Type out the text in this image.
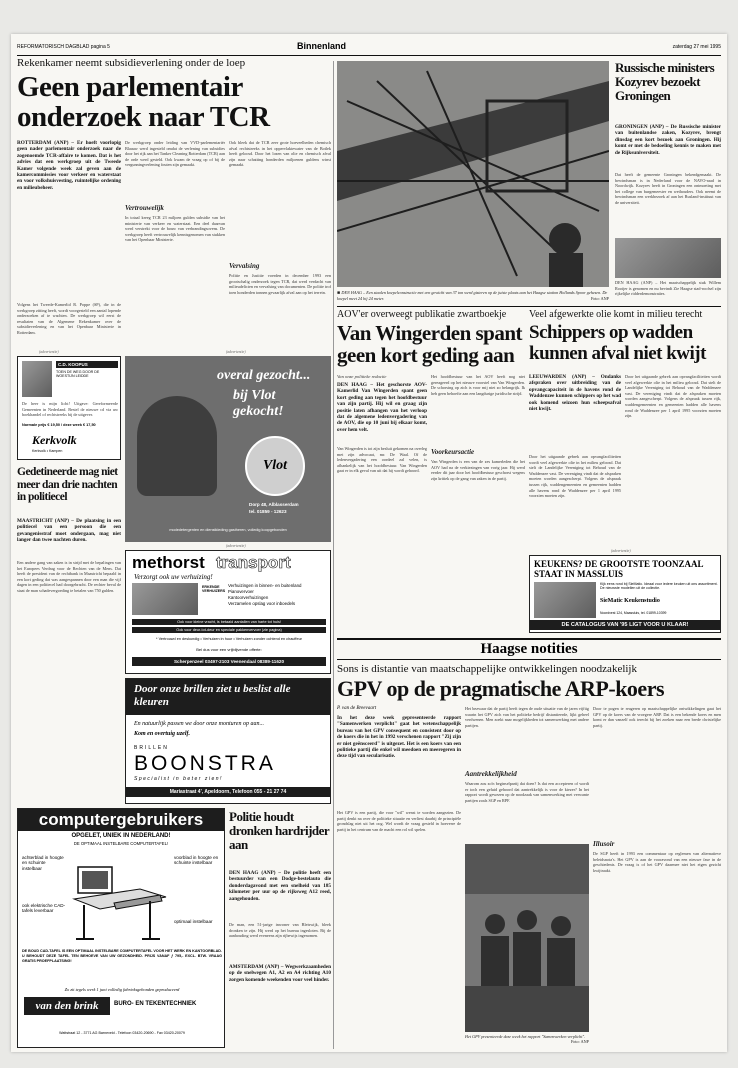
REFORMATORISCH DAGBLAD pagina 5	Binnenland	zaterdag 27 mei 1995
Rekenkamer neemt subsidieverlening onder de loep
Geen parlementair onderzoek naar TCR
ROTTERDAM (ANP) – Er hoeft voorlopig geen nader parlementair onderzoek naar de zogenoemde TCR-affaire te komen. Dat is het advies dat een werkgroep uit de Tweede Kamer volgende week zal geven aan de kamercommissies voor verkeer en waterstaat en voor volkshuisvesting, ruimtelijke ordening en milieubeheer.
Volgens het Tweede-Kamerlid R. Poppe (SP), die in de werkgroep zitting heeft, wordt voorgesteld een aantal lopende onderzoeken af te wachten. De werkgroep wil eerst de resultaten van de Algemene Rekenkamer over de subsidieverlening en van het Openbaar Ministerie in Rotterdam.
De werkgroep onder leiding van VVD-parlementariër Blaauw werd ingesteld omdat de verlening van subsidies door het rijk aan het Tanker Cleaning Rotterdam (TCR) aan de orde werd gesteld. Ook kwam de vraag op of bij de vergunningverlening fouten zijn gemaakt.
Vertrouwelijk
In totaal kreeg TCR 23 miljoen gulden subsidie van het ministerie van verkeer en waterstaat. Een deel daarvan werd verstrekt voor de bouw van verbrandingsovens. De werkgroep heeft vertrouwelijk kennisgenomen van stukken van het Openbaar Ministerie.
Ook bleek dat de TCR zeer grote hoeveelheden chemisch afval rechtstreeks in het oppervlaktewater van de Botlek heeft geloosd. Door het lozen van olie en chemisch afval zijn naar schatting honderden miljoenen guldens winst gemaakt.
Vervalsing
Politie en Justitie voerden in december 1993 een grootschalig onderzoek tegen TCR, dat werd verdacht van milieudelicten en vervalsing van documenten. De politie trof toen honderden tonnen gevaarlijk afval aan op het terrein.	■ DEN HAAG – Een staalen koepelconstructie met een gewicht van 37 ton werd gisteren op de juiste plaats aan het Haagse station Hollands Spoor gehesen. De koepel meet 24 bij 24 meter.	Foto: ANP
Russische ministers Kozyrev bezoekt Groningen
GRONINGEN (ANP) – De Russische minister van buitenlandse zaken, Kozyrev, brengt dinsdag een kort bezoek aan Groningen. Hij komt er met de bedoeling kennis te maken met de Rijksuniversiteit.
Dat heeft de gemeente Groningen bekendgemaakt. De bewindsman is in Nederland voor de NAVO-raad in Noordwijk. Kozyrev heeft in Groningen een ontmoeting met het college van burgemeester en wethouders. Ook neemt de bewindsman een werkbezoek af aan het Rusland-instituut van de universiteit.
DEN HAAG (ANP) – Het maatschappelijk stuk Willem Rooijer is genomen en nu bevindt Zie Haagse stad-roofsel zijn rijkelijke ridderdemonstraties.
AOV'er overweegt publikatie zwartboekje
Van Wingerden spant geen kort geding aan
Van onze politieke redactie
DEN HAAG – Het geschorste AOV-Kamerlid Van Wingerden spant geen kort geding aan tegen het hoofdbestuur van zijn partij. Hij wil en graag zijn positie laten afhangen van het verloop dat de algemene ledenvergadering van de AOV, die op 10 juni bij elkaar komt, over hem velt.
Van Wingerden is tot zijn besluit gekomen na overleg met zijn advocaat, mr. De Waal. Of de ledenvergadering een oordeel zal velen, is afhankelijk van het hoofdbestuur. Van Wingerden gaat er in elk geval van uit dat hij wordt gehoord.
Het hoofdbestuur van het AOV heeft nog niet gereageerd op het nieuwe voorstel van Van Wingerden. De schorsing op zich is voor mij niet zo belangrijk. Ik heb geen behoefte aan een langdurige juridische strijd.
Voorkeursactie
Van Wingerden is een van de zes kamerleden die het AOV had na de verkiezingen van vorig jaar. Hij werd eerder dit jaar door het hoofdbestuur geschorst wegens zijn kritiek op de gang van zaken in de partij.
Veel afgewerkte olie komt in milieu terecht
Schippers op wadden kunnen afval niet kwijt
LEEUWARDEN (ANP) – Ondanks afspraken over uitbreiding van de opvangcapaciteit in de havens rond de Waddenzee kunnen schippers op het wad ook komend seizoen hun scheepsafval niet kwijt.
Door het uitgaande gebrek aan opvangfaciliteiten wordt veel afgewerkte olie in het milieu geloosd. Dat stelt de Landelijke Vereniging tot Behoud van de Waddenzee vast. De vereniging vindt dat de afspraken moeten worden aangescherpt. Volgens de afspraak tussen rijk, waddengemeenten en gemeenten hadden alle havens rond de Waddenzee per 1 april 1995 voorzien moeten zijn.
Door het uitgaande gebrek aan opvangfaciliteiten wordt veel afgewerkte olie in het milieu geloosd. Dat stelt de Landelijke Vereniging tot Behoud van de Waddenzee vast. De vereniging vindt dat de afspraken moeten worden aangescherpt. Volgens de afspraak tussen rijk, waddengemeenten en gemeenten hadden alle havens rond de Waddenzee per 1 april 1995 voorzien moeten zijn.
(advertentie)
C.D. KOOPUS
TOEN DE WEG DOOR DE WOESTIJN LEIDDE
De heer is mijn licht! Uitgave: Gereformeerde Gemeenten in Nederland. Bestel de nieuwe cd via uw boekhandel of rechtstreeks bij de uitgever.
Normale prijs € 19,50 / deze week € 17,50
Kerkvolk
Kerkvolk • Kampen
(advertentie)
overal gezocht...
bij Vlot gekocht!
Vlot
Dorp 48, Alblasserdam
tel. 01859 - 12623
modedetergenten en dienstkleding gastheren, volledig koopgebonden
Gedetineerde mag niet meer dan drie nachten in politiecel
MAASTRICHT (ANP) – De plaatsing in een politiecel van een persoon die een gevangenisstraf moet ondergaan, mag niet langer dan twee nachten duren.
Een andere gang van zaken is in strijd met de bepalingen van het Europees Verdrag voor de Rechten van de Mens. Dat heeft de president van de rechtbank in Maastricht bepaald in een kort geding dat was aangespannen door een man die vijf dagen in een politiecel had doorgebracht. De rechter beval de staat de man schadevergoeding te betalen van 750 gulden.
(advertentie)
methorst transport
Verzorgt ook uw verhuizing!
ERKENDE VERHUIZERS
Verhuizingen in binnen- en buitenland
Pianovervoer
Kantoorverhuizingen
Verzamelen opslag voor inboedels
Ook voor kleine vracht, is betaald aantallen van harte tot huis!
Ook voor deur-tot-deur en speciale pakkenvervoer (zie pagina)
* Vertrouwd en deskundig • Verhuizen in huur • Verhuizen zonder ochtend en chauffeur
Bel dus voor een vrijblijvende offerte:
Scherpenzeel 03497-2103 Veenendaal 08389-11620
Door onze brillen ziet u beslist alle kleuren
En natuurlijk passen we door onze monturen op aan...
Kom en overtuig uzelf.
BRILLEN
BOONSTRA
Specialist in beter zien!
Mariastraat 4', Apeldoorn, Telefoon 055 - 21 27 74
computergebruikers
OPGELET, UNIEK IN NEDERLAND!
DE OPTIMAAL INSTELBARE COMPUTERTAFEL!
achterblad in hoogte en schuinte instelbaar
ook elektrische CAD-tafels leverbaar
voorblad in hoogte en schuinte instelbaar
optimaal instelbaar
DE BOUD CAD-TAFEL IS EEN OPTIMAAL INSTELBARE COMPUTERTAFEL VOOR HET WERK EN KANTOORBLAD. U BEHOUDT DEZE TAFEL TEN BEHOEVE VAN UW GEZONDHEID. PRIJS VANAF ƒ 795,- EXCL. BTW. VRAAG GRATIS PROEFPLAATSING!
Zo zit tegels werk 1 juni volledig fabrieksgebonden geproduceerd
van den brink	BURO- EN TEKENTECHNIEK
Wattstraat 12 - 3771 AG Barneveld - Telefoon 03420-20690 - Fax 03420-20079
Politie houdt dronken hardrijder aan
DEN HAAG (ANP) – De politie heeft een bestuurder van een Dodge-bestelauto die donderdagavond met een snelheid van 185 kilometer per uur op de rijksweg A12 reed, aangehouden.
De man, een 51-jarige inwoner van Bleiswijk, bleek dronken te zijn. Hij werd op het bureau ingesloten. Bij de aanhouding werd eveneens zijn rijbewijs ingenomen.
AMSTERDAM (ANP) – Wegwerkzaamheden op de snelwegen A1, A2 en A4 richting A10 zorgen komende weekenden voor veel hinder.
(advertentie)
KEUKENS? DE GROOTSTE TOONZAAL STAAT IN MASSLUIS
Kijk eens rond bij SieMatic. Ideaal voor iedere keuken uit ons assortiment. De nieuwste modellen uit de collectie.
SieMatic Keukenstudio
Noordvest 124, Maassluis, tel. 01899-10399
DE CATALOGUS VAN '95 LIGT VOOR U KLAAR!
Haagse notities
Sons is distantie van maatschappelijke ontwikkelingen noodzakelijk
GPV op de pragmatische ARP-koers
P. van de Breevaart
In het deze week gepresenteerde rapport "Samenwerken verplicht" gaat het wetenschappelijk bureau van het GPV consequent en consistent door op de koers die in het in 1992 verschenen rapport "Zij zijn er niet geënsceerd" is uitgezet. Het is een koers van een politieke partij die enkel wil meedoen en meeregeren in deze tijd van secularisatie.
Het GPV is een partij, die voor "wil" wenst te worden aangezien. De partij denkt na over de politieke situatie en verliest daarbij de principiële grondslag niet uit het oog. Wel wordt de vraag gesteld in hoeverre de partij in het centrum van de macht een rol wil spelen.
Het bezwaar dat de partij heeft tegen de oude situatie van de jaren vijftig waarin het GPV zich van het politieke bedrijf distantieerde, lijkt geheel verdwenen. Men zoekt naar mogelijkheden tot samenwerking met andere partijen.
Aantrekkelijkheid
Waarom zou zo'n beginselpartij dat doen? Is dat een accepteren of wordt er toch een geluid gehoord dat aantrekkelijk is voor de kiezer? In het rapport wordt gewezen op de noodzaak van samenwerking met verwante partijen zoals SGP en RPF.
Het GPV presenteerde deze week het rapport "Samenwerken verplicht".
Foto: ANP
Door te pogen te reageren op maatschappelijke ontwikkelingen gaat het GPV op de koers van de vroegere ARP. Dat is een bekende koers en men komt er dan vanzelf ook terecht bij het zoeken naar een brede christelijke partij.
Illusoir
De SGP heeft in 1993 een commentaar op reglemen van alternatieve beleidsnota's. Het GPV is aan de vooravond van een nieuwe fase in de geschiedenis. De vraag is of het GPV daarmee niet het eigen gezicht kwijtraakt.
